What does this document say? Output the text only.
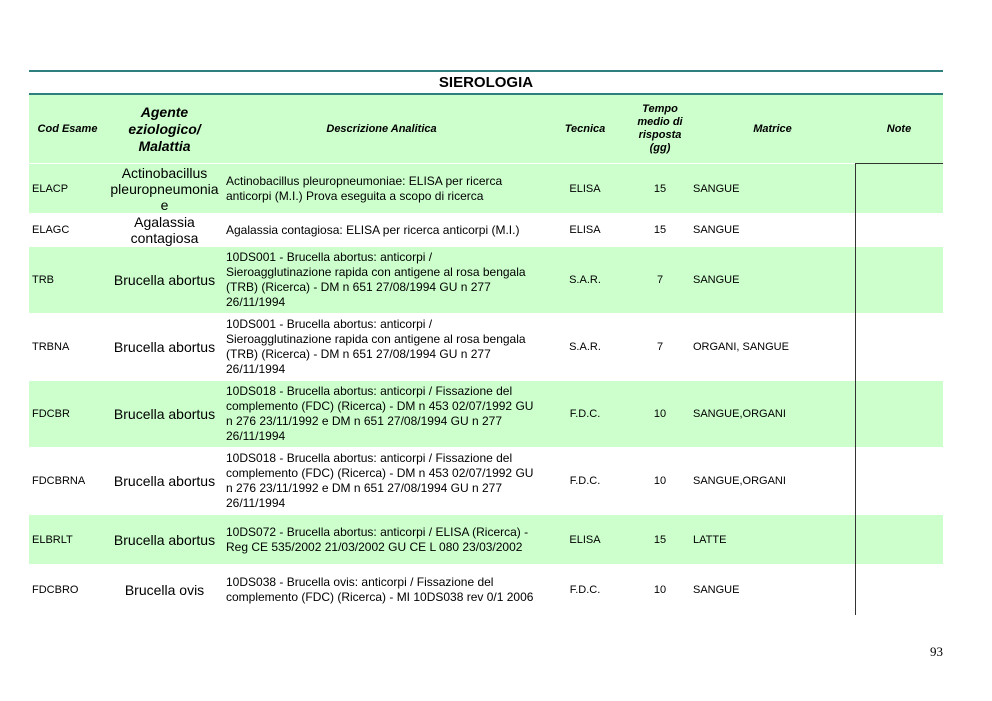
SIEROLOGIA
Cod Esame	Agente eziologico/ Malattia	Descrizione Analitica	Tecnica	Tempo medio di risposta (gg)	Matrice	Note
ELACP	Actinobacillus pleuropneumonia e	Actinobacillus pleuropneumoniae: ELISA per ricerca anticorpi (M.I.) Prova eseguita a scopo di ricerca	ELISA	15	SANGUE	
ELAGC	Agalassia contagiosa	Agalassia contagiosa: ELISA per ricerca anticorpi (M.I.)	ELISA	15	SANGUE	
TRB	Brucella abortus	10DS001 - Brucella abortus: anticorpi / Sieroagglutinazione rapida con antigene al rosa bengala (TRB) (Ricerca) - DM n 651 27/08/1994 GU n 277 26/11/1994	S.A.R.	7	SANGUE	
TRBNA	Brucella abortus	10DS001 - Brucella abortus: anticorpi / Sieroagglutinazione rapida con antigene al rosa bengala (TRB) (Ricerca) - DM n 651 27/08/1994 GU n 277 26/11/1994	S.A.R.	7	ORGANI, SANGUE	
FDCBR	Brucella abortus	10DS018 - Brucella abortus: anticorpi / Fissazione del complemento (FDC) (Ricerca) - DM n 453 02/07/1992 GU n 276 23/11/1992 e DM n 651 27/08/1994 GU n 277 26/11/1994	F.D.C.	10	SANGUE,ORGANI	
FDCBRNA	Brucella abortus	10DS018 - Brucella abortus: anticorpi / Fissazione del complemento (FDC) (Ricerca) - DM n 453 02/07/1992 GU n 276 23/11/1992 e DM n 651 27/08/1994 GU n 277 26/11/1994	F.D.C.	10	SANGUE,ORGANI	
ELBRLT	Brucella abortus	10DS072 - Brucella abortus: anticorpi / ELISA (Ricerca) - Reg CE 535/2002 21/03/2002 GU CE L 080 23/03/2002	ELISA	15	LATTE	
FDCBRO	Brucella ovis	10DS038 - Brucella ovis: anticorpi / Fissazione del complemento (FDC) (Ricerca) - MI 10DS038 rev 0/1 2006	F.D.C.	10	SANGUE	
93
